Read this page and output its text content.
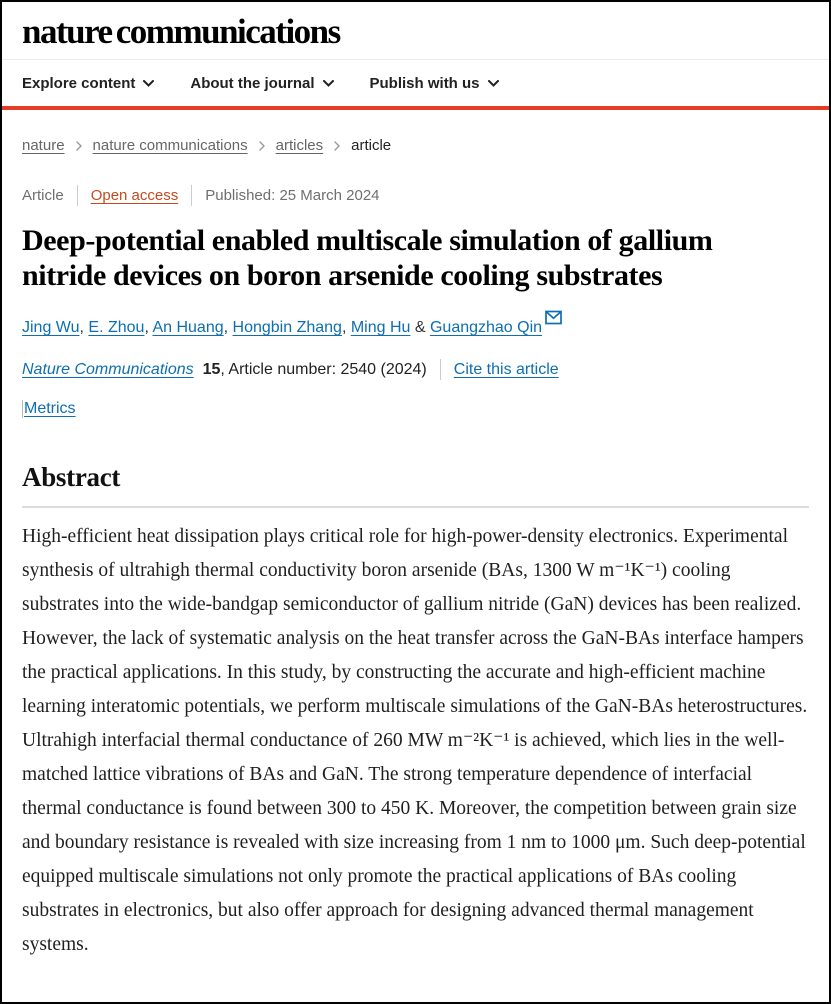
nature communications
Explore content	About the journal	Publish with us
nature nature communications articles article
Article Open access Published: 25 March 2024
Deep-potential enabled multiscale simulation of gallium nitride devices on boron arsenide cooling substrates

Jing Wu, E. Zhou, An Huang, Hongbin Zhang, Ming Hu & Guangzhao Qin

Nature Communications 15 , Article number: 2540 (2024) Cite this article
Metrics
Abstract

High-efficient heat dissipation plays critical role for high-power-density electronics. Experimental synthesis of ultrahigh thermal conductivity boron arsenide (BAs, 1300 W m⁻¹K⁻¹) cooling substrates into the wide-bandgap semiconductor of gallium nitride (GaN) devices has been realized. However, the lack of systematic analysis on the heat transfer across the GaN-BAs interface hampers the practical applications. In this study, by constructing the accurate and high-efficient machine learning interatomic potentials, we perform multiscale simulations of the GaN-BAs heterostructures. Ultrahigh interfacial thermal conductance of 260 MW m⁻²K⁻¹ is achieved, which lies in the well-matched lattice vibrations of BAs and GaN. The strong temperature dependence of interfacial thermal conductance is found between 300 to 450 K. Moreover, the competition between grain size and boundary resistance is revealed with size increasing from 1 nm to 1000 μm. Such deep-potential equipped multiscale simulations not only promote the practical applications of BAs cooling substrates in electronics, but also offer approach for designing advanced thermal management systems.
